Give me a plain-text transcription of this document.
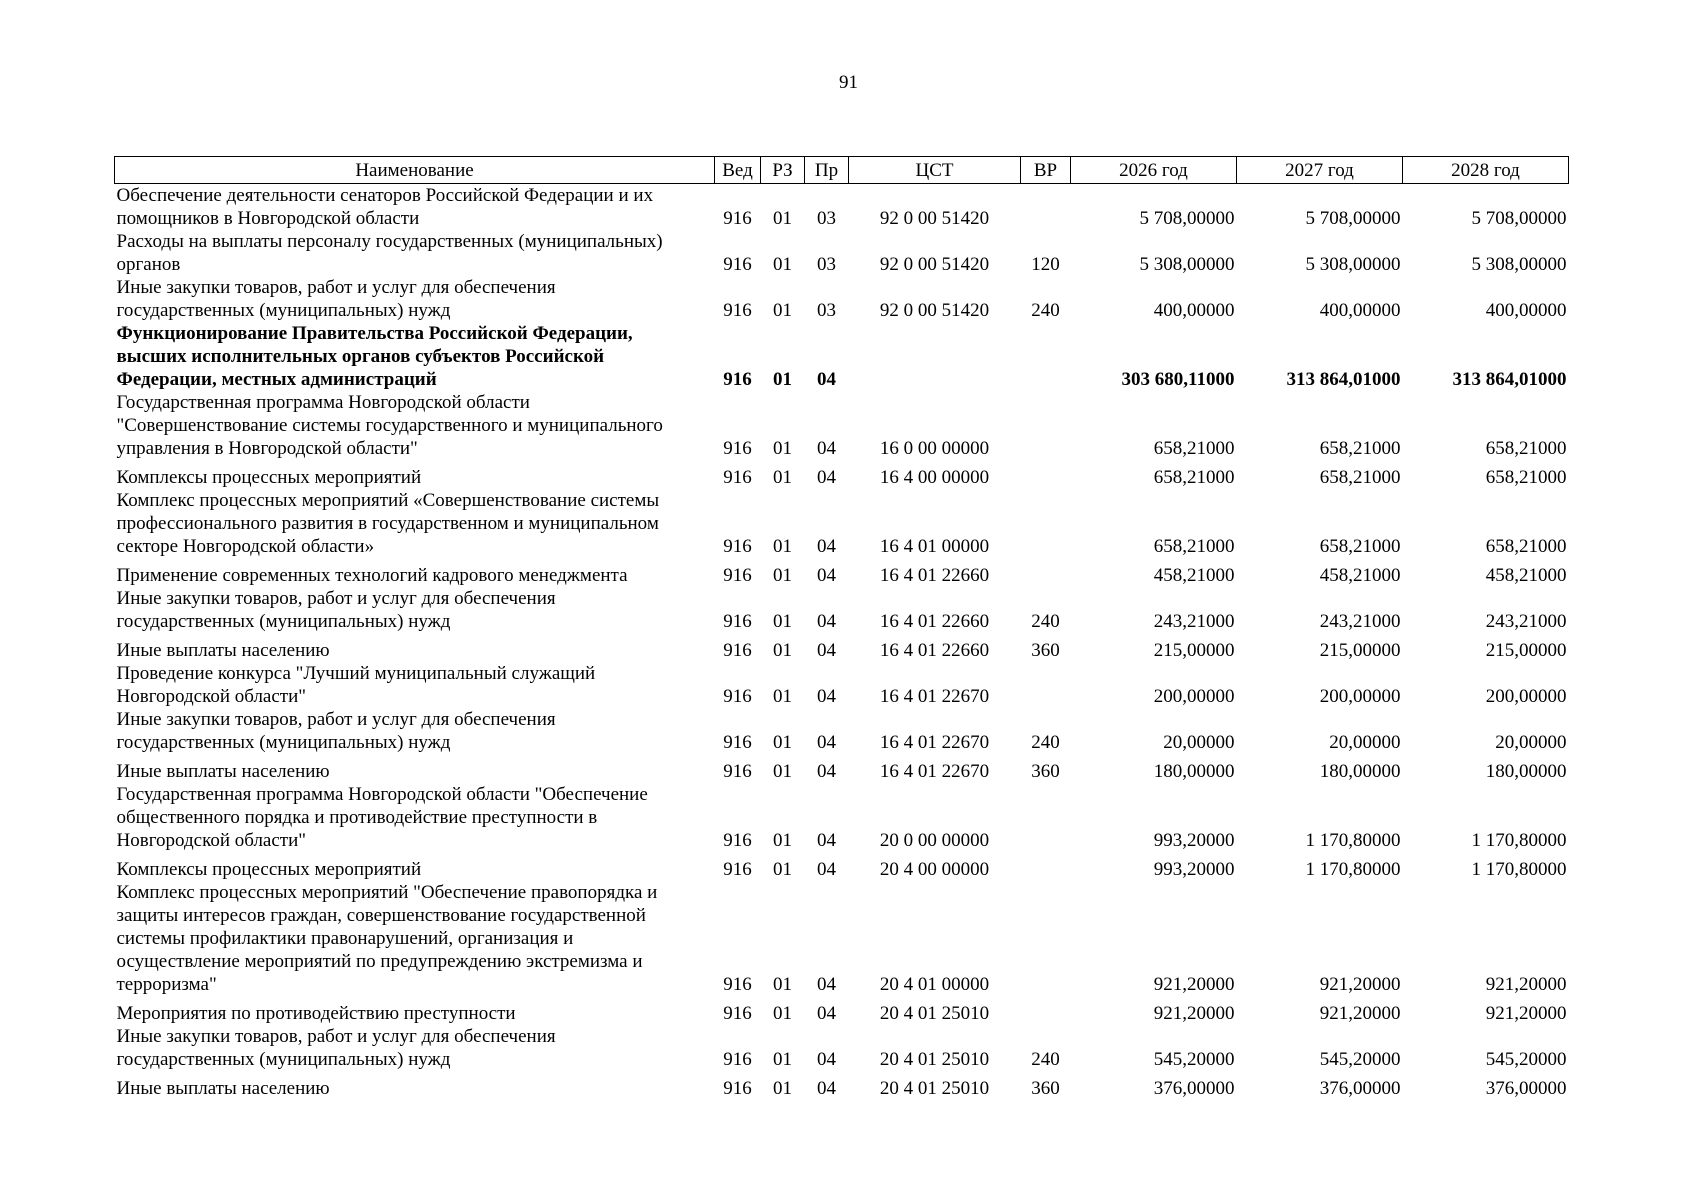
91
Наименование	Вед	РЗ	Пр	ЦСТ	ВР	2026 год	2027 год	2028 год

Обеспечение деятельности сенаторов Российской Федерации и их
помощников в Новгородской области	916	01	03	92 0 00 51420		5 708,00000	5 708,00000	5 708,00000

Расходы на выплаты персоналу государственных (муниципальных)
органов	916	01	03	92 0 00 51420	120	5 308,00000	5 308,00000	5 308,00000

Иные закупки товаров, работ и услуг для обеспечения
государственных (муниципальных) нужд	916	01	03	92 0 00 51420	240	400,00000	400,00000	400,00000

Функционирование Правительства Российской Федерации,
высших исполнительных органов субъектов Российской
Федерации, местных администраций	916	01	04			303 680,11000	313 864,01000	313 864,01000

Государственная программа Новгородской области
"Совершенствование системы государственного и муниципального
управления в Новгородской области"	916	01	04	16 0 00 00000		658,21000	658,21000	658,21000

Комплексы процессных мероприятий	916	01	04	16 4 00 00000		658,21000	658,21000	658,21000

Комплекс процессных мероприятий «Совершенствование системы
профессионального развития в государственном и муниципальном
секторе Новгородской области»	916	01	04	16 4 01 00000		658,21000	658,21000	658,21000

Применение современных технологий кадрового менеджмента	916	01	04	16 4 01 22660		458,21000	458,21000	458,21000

Иные закупки товаров, работ и услуг для обеспечения
государственных (муниципальных) нужд	916	01	04	16 4 01 22660	240	243,21000	243,21000	243,21000

Иные выплаты населению	916	01	04	16 4 01 22660	360	215,00000	215,00000	215,00000

Проведение конкурса "Лучший муниципальный служащий
Новгородской области"	916	01	04	16 4 01 22670		200,00000	200,00000	200,00000

Иные закупки товаров, работ и услуг для обеспечения
государственных (муниципальных) нужд	916	01	04	16 4 01 22670	240	20,00000	20,00000	20,00000

Иные выплаты населению	916	01	04	16 4 01 22670	360	180,00000	180,00000	180,00000

Государственная программа Новгородской области "Обеспечение
общественного порядка и противодействие преступности в
Новгородской области"	916	01	04	20 0 00 00000		993,20000	1 170,80000	1 170,80000

Комплексы процессных мероприятий	916	01	04	20 4 00 00000		993,20000	1 170,80000	1 170,80000

Комплекс процессных мероприятий "Обеспечение правопорядка и
защиты интересов граждан, совершенствование государственной
системы профилактики правонарушений, организация и
осуществление мероприятий по предупреждению экстремизма и
терроризма"	916	01	04	20 4 01 00000		921,20000	921,20000	921,20000

Мероприятия по противодействию преступности	916	01	04	20 4 01 25010		921,20000	921,20000	921,20000

Иные закупки товаров, работ и услуг для обеспечения
государственных (муниципальных) нужд	916	01	04	20 4 01 25010	240	545,20000	545,20000	545,20000

Иные выплаты населению	916	01	04	20 4 01 25010	360	376,00000	376,00000	376,00000
